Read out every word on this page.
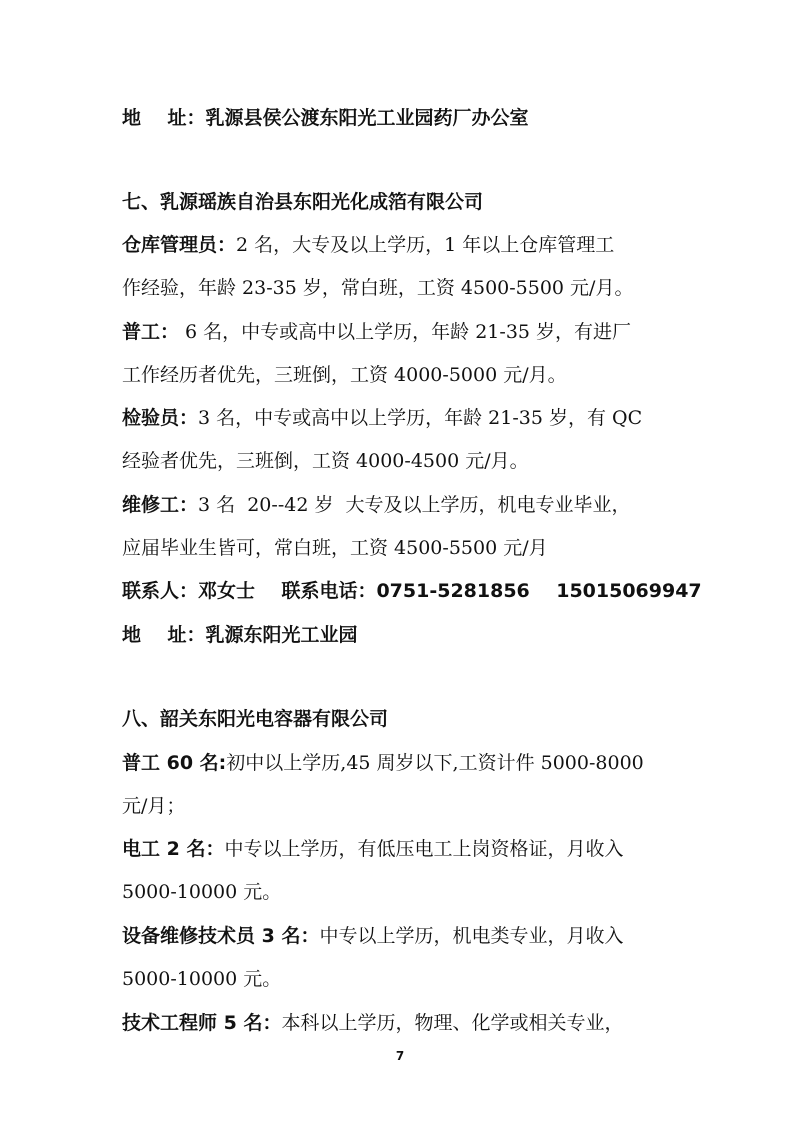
地    址：乳源县侯公渡东阳光工业园药厂办公室
七、乳源瑶族自治县东阳光化成箔有限公司
仓库管理员：2 名，大专及以上学历，1 年以上仓库管理工
作经验，年龄 23-35 岁，常白班，工资 4500-5500 元/月。
普工： 6 名，中专或高中以上学历，年龄 21-35 岁，有进厂
工作经历者优先，三班倒，工资 4000-5000 元/月。
检验员：3 名，中专或高中以上学历，年龄 21-35 岁，有 QC
经验者优先，三班倒，工资 4000-4500 元/月。
维修工：3 名  20--42 岁  大专及以上学历，机电专业毕业，
应届毕业生皆可，常白班，工资 4500-5500 元/月
联系人：邓女士    联系电话：0751-5281856    15015069947
地    址：乳源东阳光工业园
八、韶关东阳光电容器有限公司
普工 60 名:初中以上学历,45 周岁以下,工资计件 5000-8000
元/月；
电工 2 名：中专以上学历，有低压电工上岗资格证，月收入
5000-10000 元。
设备维修技术员 3 名：中专以上学历，机电类专业，月收入
5000-10000 元。
技术工程师 5 名：本科以上学历，物理、化学或相关专业，
7
